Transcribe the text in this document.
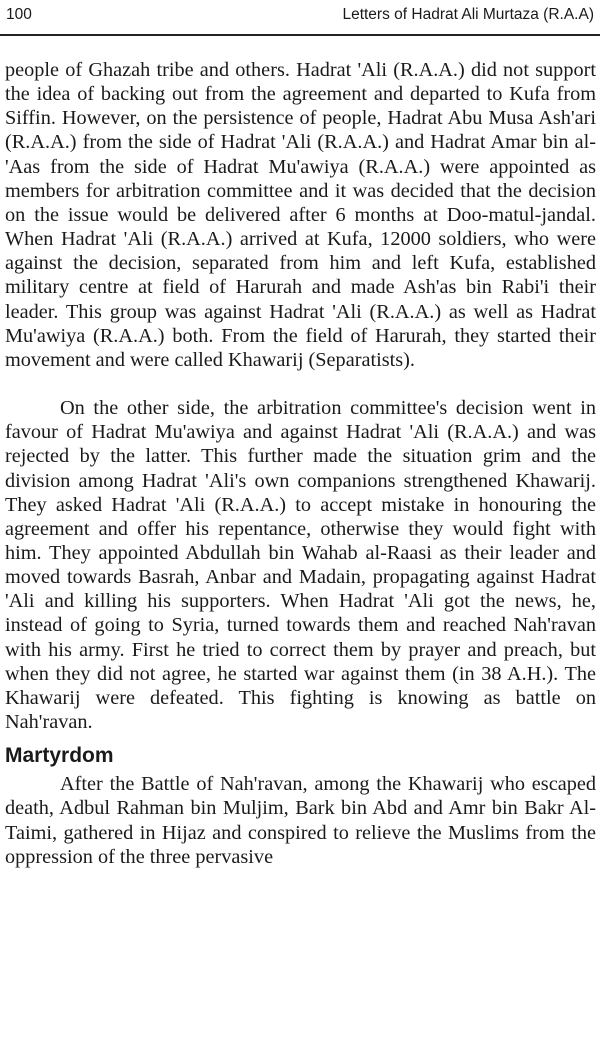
100	Letters of Hadrat Ali Murtaza (R.A.A)

people of Ghazah tribe and others. Hadrat 'Ali (R.A.A.) did not support the idea of backing out from the agreement and departed to Kufa from Siffin. However, on the persistence of people, Hadrat Abu Musa Ash'ari (R.A.A.) from the side of Hadrat 'Ali (R.A.A.) and Hadrat Amar bin al-'Aas from the side of Hadrat Mu'awiya (R.A.A.) were appointed as members for arbitration committee and it was decided that the decision on the issue would be delivered after 6 months at Doo-matul-jandal. When Hadrat 'Ali (R.A.A.) arrived at Kufa, 12000 soldiers, who were against the decision, separated from him and left Kufa, established military centre at field of Harurah and made Ash'as bin Rabi'i their leader. This group was against Hadrat 'Ali (R.A.A.) as well as Hadrat Mu'awiya (R.A.A.) both. From the field of Harurah, they started their movement and were called Khawarij (Separatists).

On the other side, the arbitration committee's decision went in favour of Hadrat Mu'awiya and against Hadrat 'Ali (R.A.A.) and was rejected by the latter. This further made the situation grim and the division among Hadrat 'Ali's own companions strengthened Khawarij. They asked Hadrat 'Ali (R.A.A.) to accept mistake in honouring the agreement and offer his repentance, otherwise they would fight with him. They appointed Abdullah bin Wahab al-Raasi as their leader and moved towards Basrah, Anbar and Madain, propagating against Hadrat 'Ali and killing his supporters. When Hadrat 'Ali got the news, he, instead of going to Syria, turned towards them and reached Nah'ravan with his army. First he tried to correct them by prayer and preach, but when they did not agree, he started war against them (in 38 A.H.). The Khawarij were defeated. This fighting is knowing as battle on Nah'ravan.

Martyrdom

After the Battle of Nah'ravan, among the Khawarij who escaped death, Adbul Rahman bin Muljim, Bark bin Abd and Amr bin Bakr Al-Taimi, gathered in Hijaz and conspired to relieve the Muslims from the oppression of the three pervasive
